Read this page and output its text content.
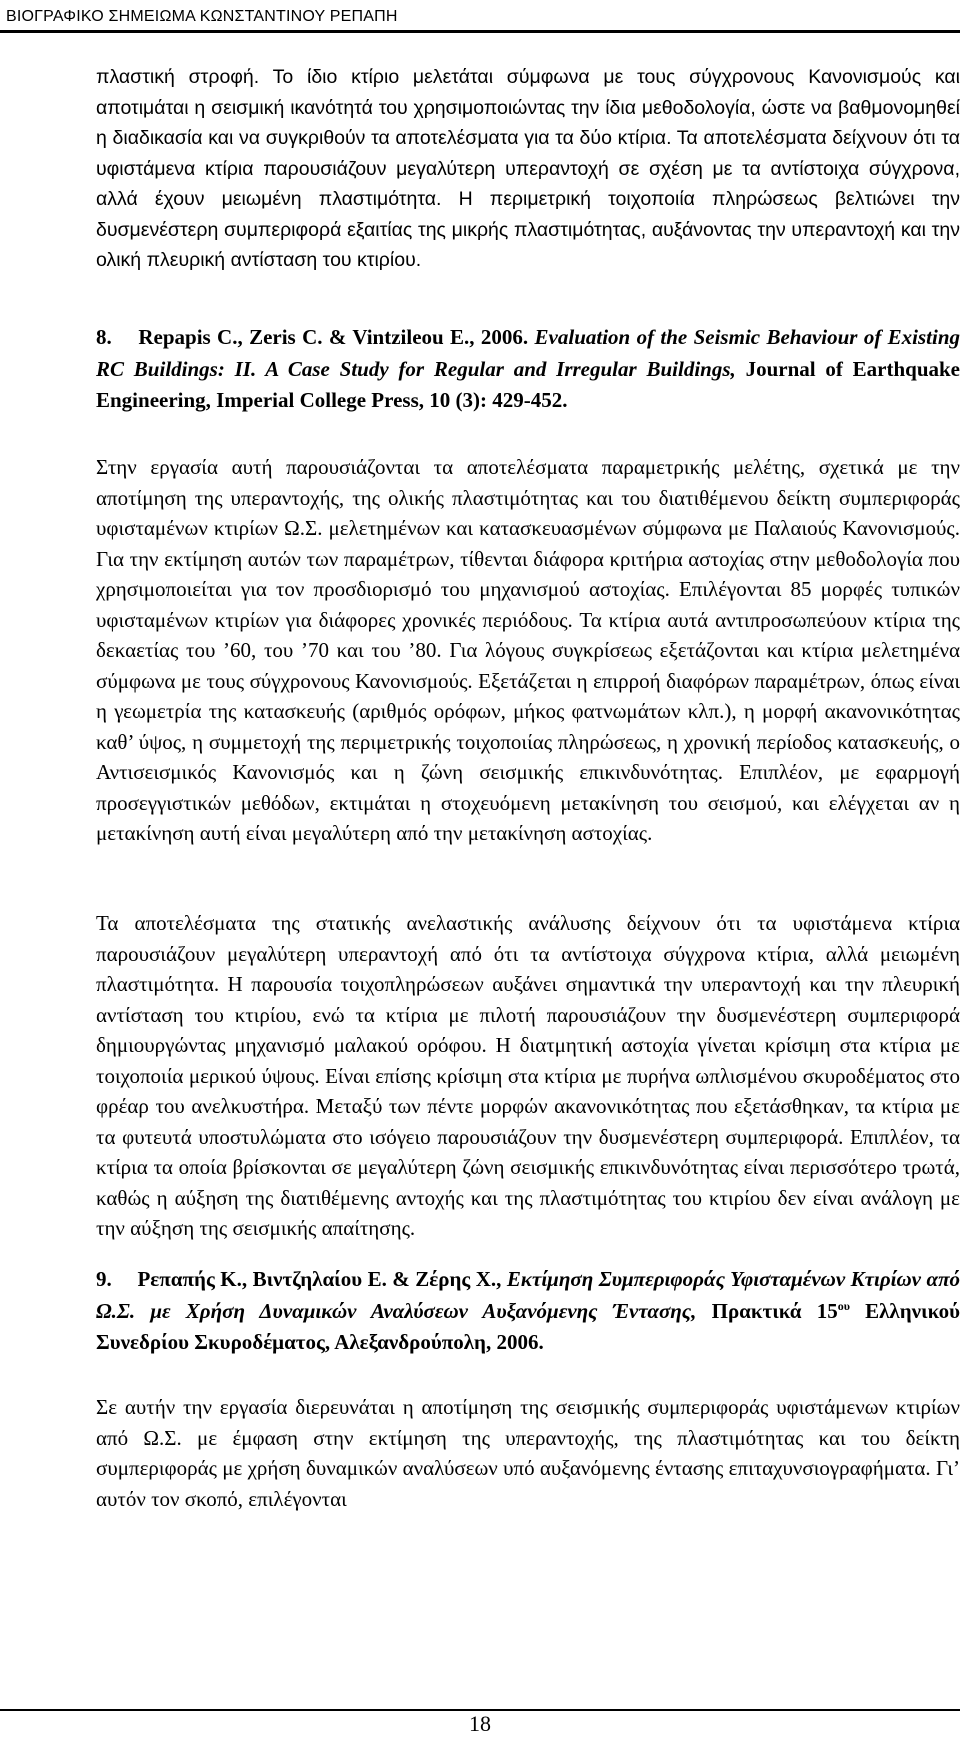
ΒΙΟΓΡΑΦΙΚΟ ΣΗΜΕΙΩΜΑ ΚΩΝΣΤΑΝΤΙΝΟΥ ΡΕΠΑΠΗ

πλαστική στροφή. Το ίδιο κτίριο μελετάται σύμφωνα με τους σύγχρονους Κανονισμούς και αποτιμάται η σεισμική ικανότητά του χρησιμοποιώντας την ίδια μεθοδολογία, ώστε να βαθμονομηθεί η διαδικασία και να συγκριθούν τα αποτελέσματα για τα δύο κτίρια. Τα αποτελέσματα δείχνουν ότι τα υφιστάμενα κτίρια παρουσιάζουν μεγαλύτερη υπεραντοχή σε σχέση με τα αντίστοιχα σύγχρονα, αλλά έχουν μειωμένη πλαστιμότητα. Η περιμετρική τοιχοποιία πληρώσεως βελτιώνει την δυσμενέστερη συμπεριφορά εξαιτίας της μικρής πλαστιμότητας, αυξάνοντας την υπεραντοχή και την ολική πλευρική αντίσταση του κτιρίου.

8. Repapis C., Zeris C. & Vintzileou E., 2006. Evaluation of the Seismic Behaviour of Existing RC Buildings: II. A Case Study for Regular and Irregular Buildings, Journal of Earthquake Engineering, Imperial College Press, 10 (3): 429-452.

Στην εργασία αυτή παρουσιάζονται τα αποτελέσματα παραμετρικής μελέτης, σχετικά με την αποτίμηση της υπεραντοχής, της ολικής πλαστιμότητας και του διατιθέμενου δείκτη συμπεριφοράς υφισταμένων κτιρίων Ω.Σ. μελετημένων και κατασκευασμένων σύμφωνα με Παλαιούς Κανονισμούς. Για την εκτίμηση αυτών των παραμέτρων, τίθενται διάφορα κριτήρια αστοχίας στην μεθοδολογία που χρησιμοποιείται για τον προσδιορισμό του μηχανισμού αστοχίας. Επιλέγονται 85 μορφές τυπικών υφισταμένων κτιρίων για διάφορες χρονικές περιόδους. Τα κτίρια αυτά αντιπροσωπεύουν κτίρια της δεκαετίας του ’60, του ’70 και του ’80. Για λόγους συγκρίσεως εξετάζονται και κτίρια μελετημένα σύμφωνα με τους σύγχρονους Κανονισμούς. Εξετάζεται η επιρροή διαφόρων παραμέτρων, όπως είναι η γεωμετρία της κατασκευής (αριθμός ορόφων, μήκος φατνωμάτων κλπ.), η μορφή ακανονικότητας καθ’ ύψος, η συμμετοχή της περιμετρικής τοιχοποιίας πληρώσεως, η χρονική περίοδος κατασκευής, ο Αντισεισμικός Κανονισμός και η ζώνη σεισμικής επικινδυνότητας. Επιπλέον, με εφαρμογή προσεγγιστικών μεθόδων, εκτιμάται η στοχευόμενη μετακίνηση του σεισμού, και ελέγχεται αν η μετακίνηση αυτή είναι μεγαλύτερη από την μετακίνηση αστοχίας.

Τα αποτελέσματα της στατικής ανελαστικής ανάλυσης δείχνουν ότι τα υφιστάμενα κτίρια παρουσιάζουν μεγαλύτερη υπεραντοχή από ότι τα αντίστοιχα σύγχρονα κτίρια, αλλά μειωμένη πλαστιμότητα. Η παρουσία τοιχοπληρώσεων αυξάνει σημαντικά την υπεραντοχή και την πλευρική αντίσταση του κτιρίου, ενώ τα κτίρια με πιλοτή παρουσιάζουν την δυσμενέστερη συμπεριφορά δημιουργώντας μηχανισμό μαλακού ορόφου. Η διατμητική αστοχία γίνεται κρίσιμη στα κτίρια με τοιχοποιία μερικού ύψους. Είναι επίσης κρίσιμη στα κτίρια με πυρήνα ωπλισμένου σκυροδέματος στο φρέαρ του ανελκυστήρα. Μεταξύ των πέντε μορφών ακανονικότητας που εξετάσθηκαν, τα κτίρια με τα φυτευτά υποστυλώματα στο ισόγειο παρουσιάζουν την δυσμενέστερη συμπεριφορά. Επιπλέον, τα κτίρια τα οποία βρίσκονται σε μεγαλύτερη ζώνη σεισμικής επικινδυνότητας είναι περισσότερο τρωτά, καθώς η αύξηση της διατιθέμενης αντοχής και της πλαστιμότητας του κτιρίου δεν είναι ανάλογη με την αύξηση της σεισμικής απαίτησης.

9. Ρεπαπής Κ., Βιντζηλαίου Ε. & Ζέρης Χ., Εκτίμηση Συμπεριφοράς Υφισταμένων Κτιρίων από Ω.Σ. με Χρήση Δυναμικών Αναλύσεων Αυξανόμενης Έντασης, Πρακτικά $15^{o\upsilon}$ Ελληνικού Συνεδρίου Σκυροδέματος, Αλεξανδρούπολη, 2006.

Σε αυτήν την εργασία διερευνάται η αποτίμηση της σεισμικής συμπεριφοράς υφιστάμενων κτιρίων από Ω.Σ. με έμφαση στην εκτίμηση της υπεραντοχής, της πλαστιμότητας και του δείκτη συμπεριφοράς με χρήση δυναμικών αναλύσεων υπό αυξανόμενης έντασης επιταχυνσιογραφήματα. Γι’ αυτόν τον σκοπό, επιλέγονται

18
